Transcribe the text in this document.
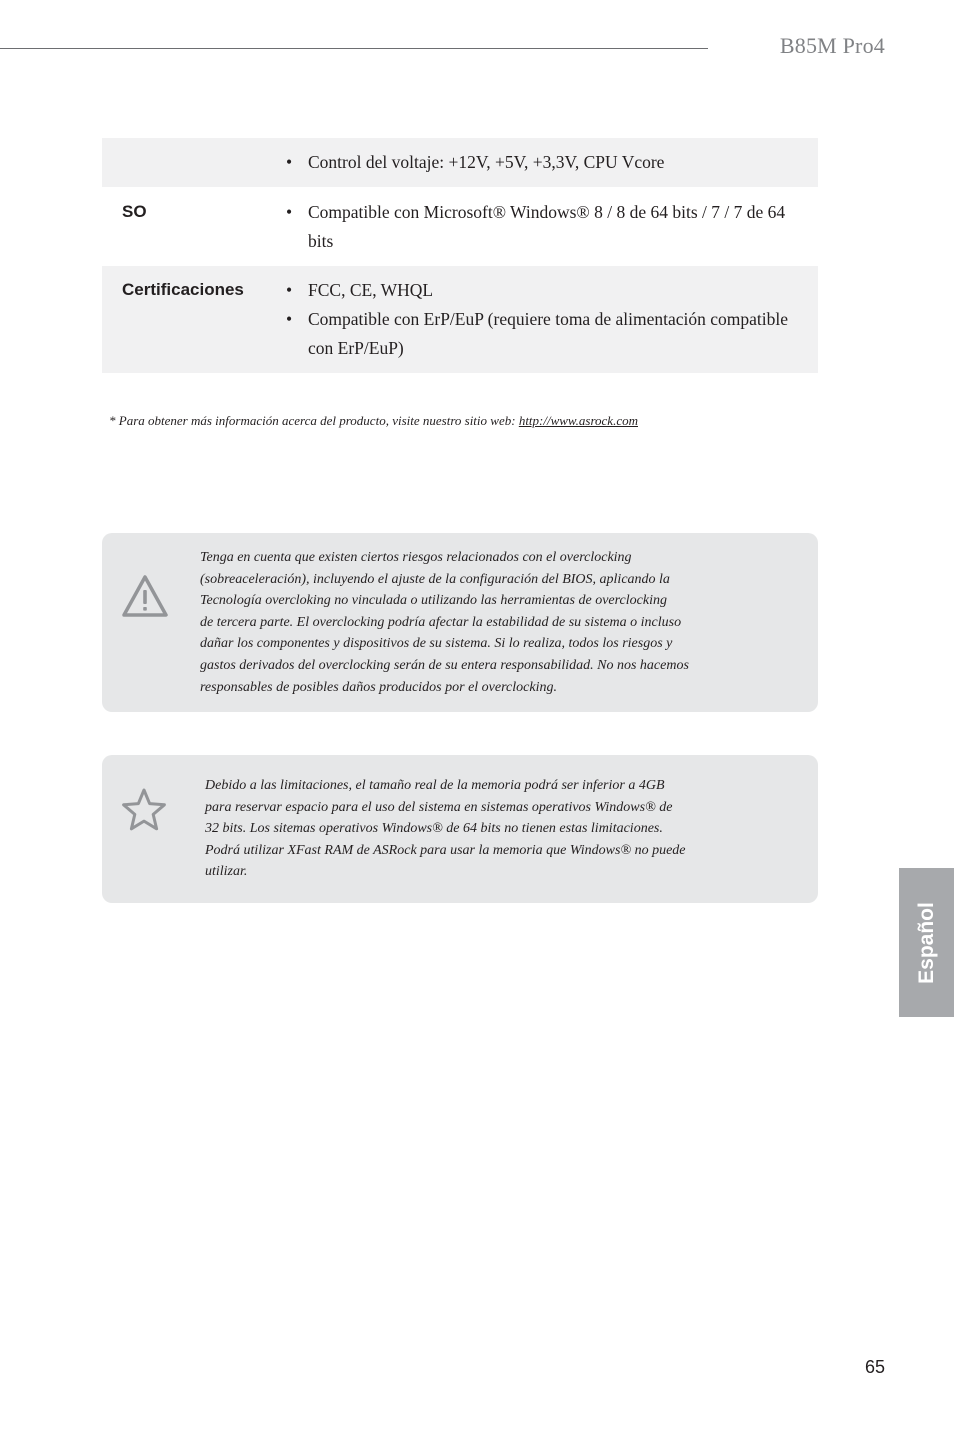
B85M Pro4
• Control del voltaje: +12V, +5V, +3,3V, CPU Vcore
SO	• Compatible con Microsoft® Windows® 8 / 8 de 64 bits / 7 / 7 de 64 bits
Certificaciones	• FCC, CE, WHQL
• Compatible con ErP/EuP (requiere toma de alimentación compatible con ErP/EuP)
* Para obtener más información acerca del producto, visite nuestro sitio web: http://www.asrock.com
Tenga en cuenta que existen ciertos riesgos relacionados con el overclocking
(sobreaceleración), incluyendo el ajuste de la configuración del BIOS, aplicando la
Tecnología overcloking no vinculada o utilizando las herramientas de overclocking
de tercera parte. El overclocking podría afectar la estabilidad de su sistema o incluso
dañar los componentes y dispositivos de su sistema. Si lo realiza, todos los riesgos y
gastos derivados del overclocking serán de su entera responsabilidad. No nos hacemos
responsables de posibles daños producidos por el overclocking.
Debido a las limitaciones, el tamaño real de la memoria podrá ser inferior a 4GB
para reservar espacio para el uso del sistema en sistemas operativos Windows® de
32 bits. Los sitemas operativos Windows® de 64 bits no tienen estas limitaciones.
Podrá utilizar XFast RAM de ASRock para usar la memoria que Windows® no puede
utilizar.
Español
65
